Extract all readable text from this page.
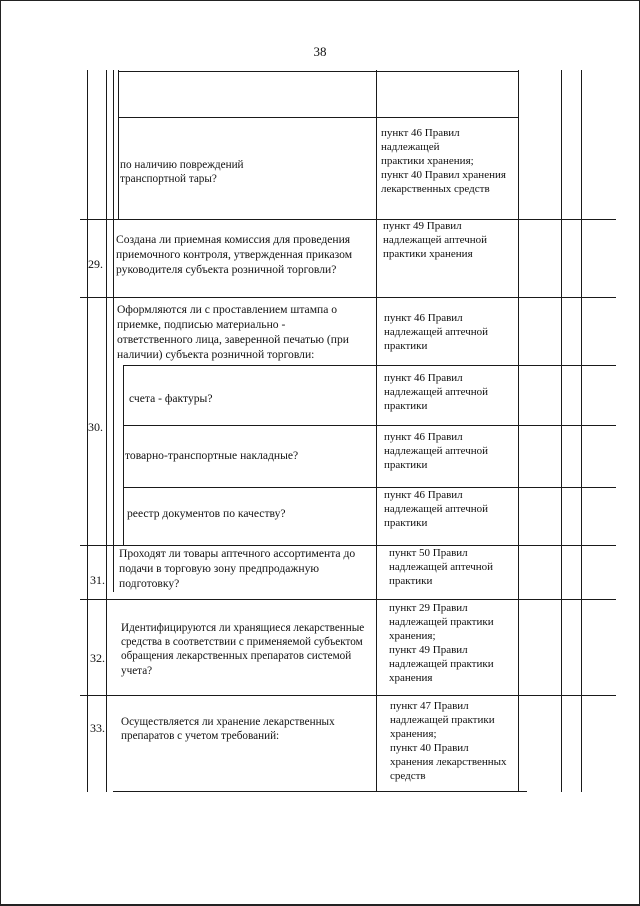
38
по наличию повреждений
транспортной тары?
пункт 46 Правил
надлежащей
практики хранения;
пункт 40 Правил хранения
лекарственных средств
29.
Создана ли приемная комиссия для проведения
приемочного контроля, утвержденная приказом
руководителя субъекта розничной торговли?
пункт 49 Правил
надлежащей аптечной
практики хранения
30.
Оформляются ли с проставлением штампа о
приемке, подписью материально -
ответственного лица, заверенной печатью (при
наличии) субъекта розничной торговли:
пункт 46 Правил
надлежащей аптечной
практики
счета - фактуры?
пункт 46 Правил
надлежащей аптечной
практики
товарно-транспортные накладные?
пункт 46 Правил
надлежащей аптечной
практики
реестр документов по качеству?
пункт 46 Правил
надлежащей аптечной
практики
31.
Проходят ли товары аптечного ассортимента до
подачи в торговую зону предпродажную
подготовку?
пункт 50 Правил
надлежащей аптечной
практики
32.
Идентифицируются ли хранящиеся лекарственные
средства в соответствии с применяемой субъектом
обращения лекарственных препаратов системой
учета?
пункт 29 Правил
надлежащей практики
хранения;
пункт 49 Правил
надлежащей практики
хранения
33. Осуществляется ли хранение лекарственных
препаратов с учетом требований:
пункт 47 Правил
надлежащей практики
хранения;
пункт 40 Правил
хранения лекарственных
средств
